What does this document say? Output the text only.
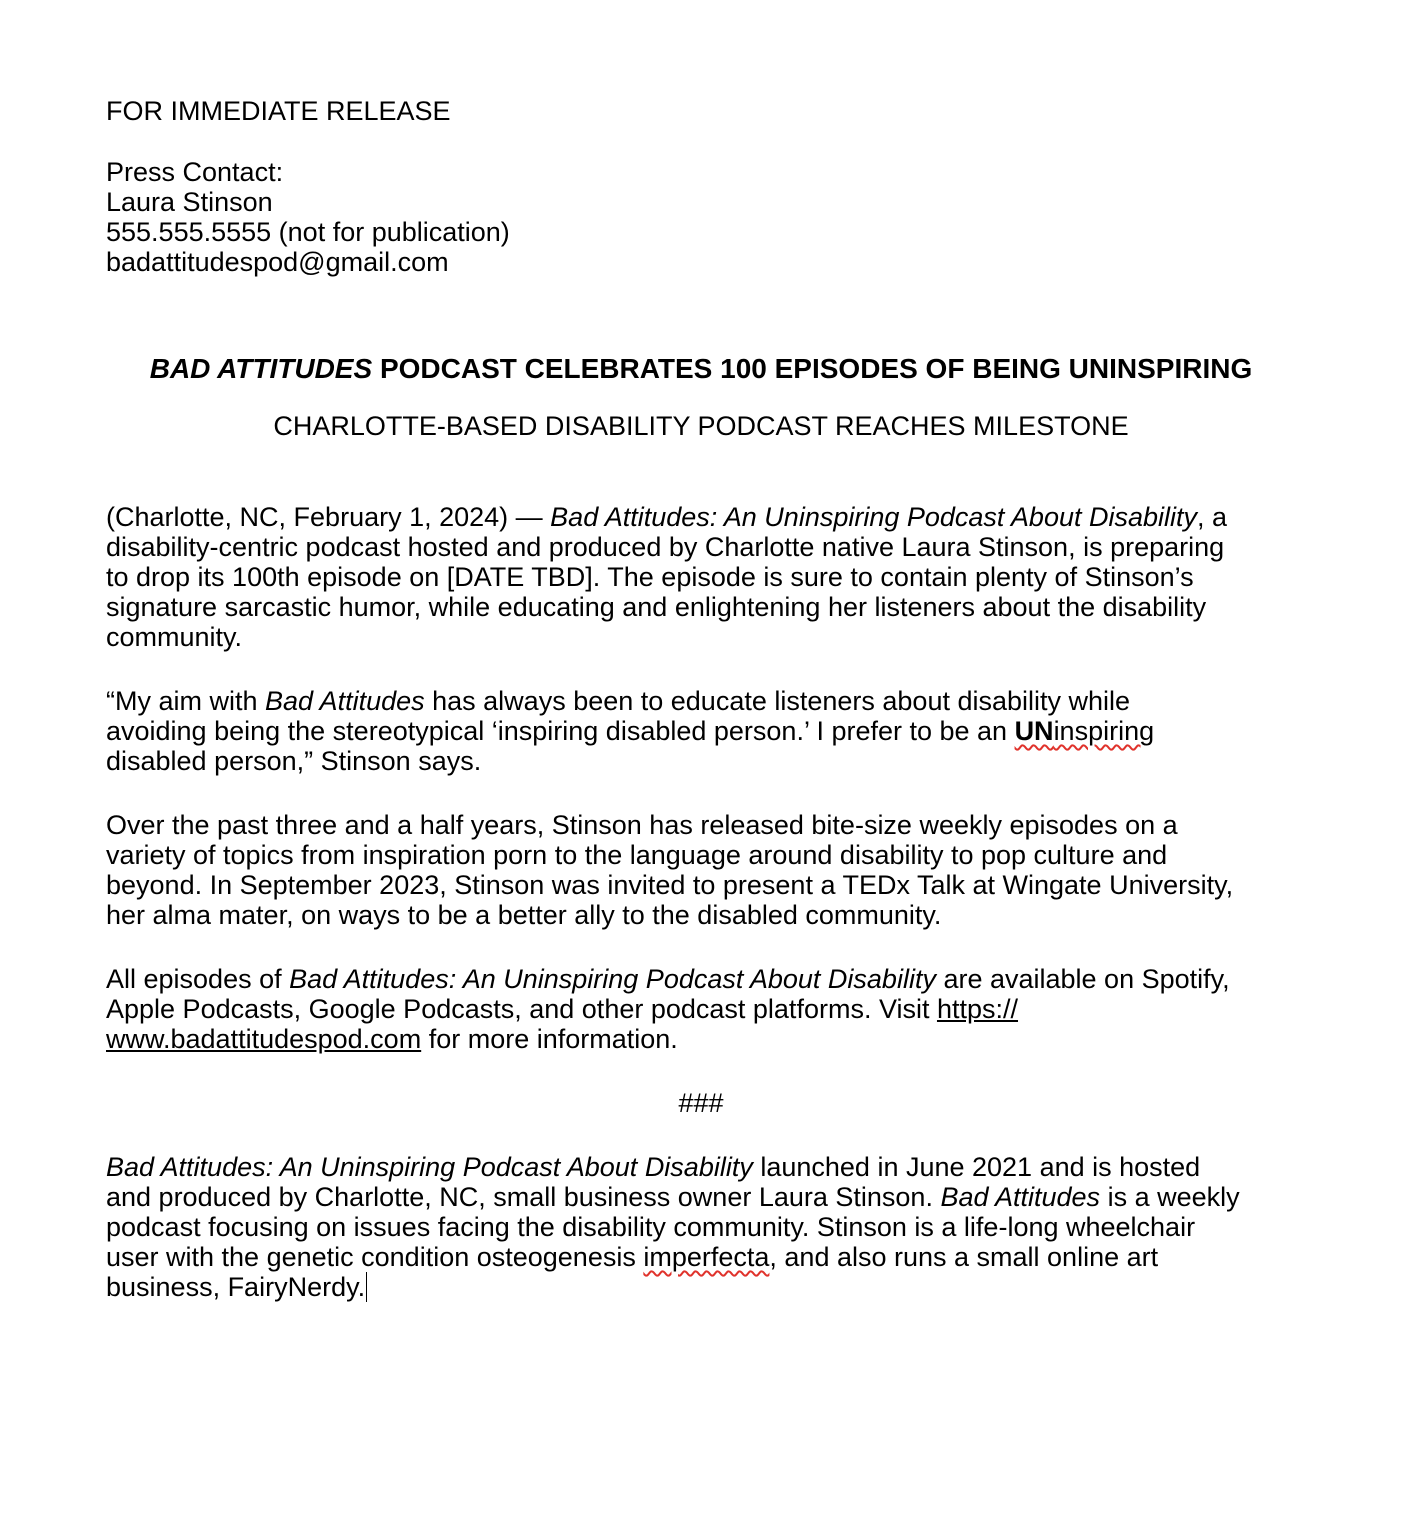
FOR IMMEDIATE RELEASE

Press Contact:
Laura Stinson
555.555.5555 (not for publication)
badattitudespod@gmail.com

BAD ATTITUDES PODCAST CELEBRATES 100 EPISODES OF BEING UNINSPIRING

CHARLOTTE-BASED DISABILITY PODCAST REACHES MILESTONE

(Charlotte, NC, February 1, 2024) — Bad Attitudes: An Uninspiring Podcast About Disability, a
disability-centric podcast hosted and produced by Charlotte native Laura Stinson, is preparing
to drop its 100th episode on [DATE TBD]. The episode is sure to contain plenty of Stinson’s
signature sarcastic humor, while educating and enlightening her listeners about the disability
community.
“My aim with Bad Attitudes has always been to educate listeners about disability while
avoiding being the stereotypical ‘inspiring disabled person.’ I prefer to be an UNinspiring
disabled person,” Stinson says.
Over the past three and a half years, Stinson has released bite-size weekly episodes on a
variety of topics from inspiration porn to the language around disability to pop culture and
beyond. In September 2023, Stinson was invited to present a TEDx Talk at Wingate University,
her alma mater, on ways to be a better ally to the disabled community.
All episodes of Bad Attitudes: An Uninspiring Podcast About Disability are available on Spotify,
Apple Podcasts, Google Podcasts, and other podcast platforms. Visit https://
www.badattitudespod.com for more information.

###

Bad Attitudes: An Uninspiring Podcast About Disability launched in June 2021 and is hosted
and produced by Charlotte, NC, small business owner Laura Stinson. Bad Attitudes is a weekly
podcast focusing on issues facing the disability community. Stinson is a life-long wheelchair
user with the genetic condition osteogenesis imperfecta, and also runs a small online art
business, FairyNerdy.
